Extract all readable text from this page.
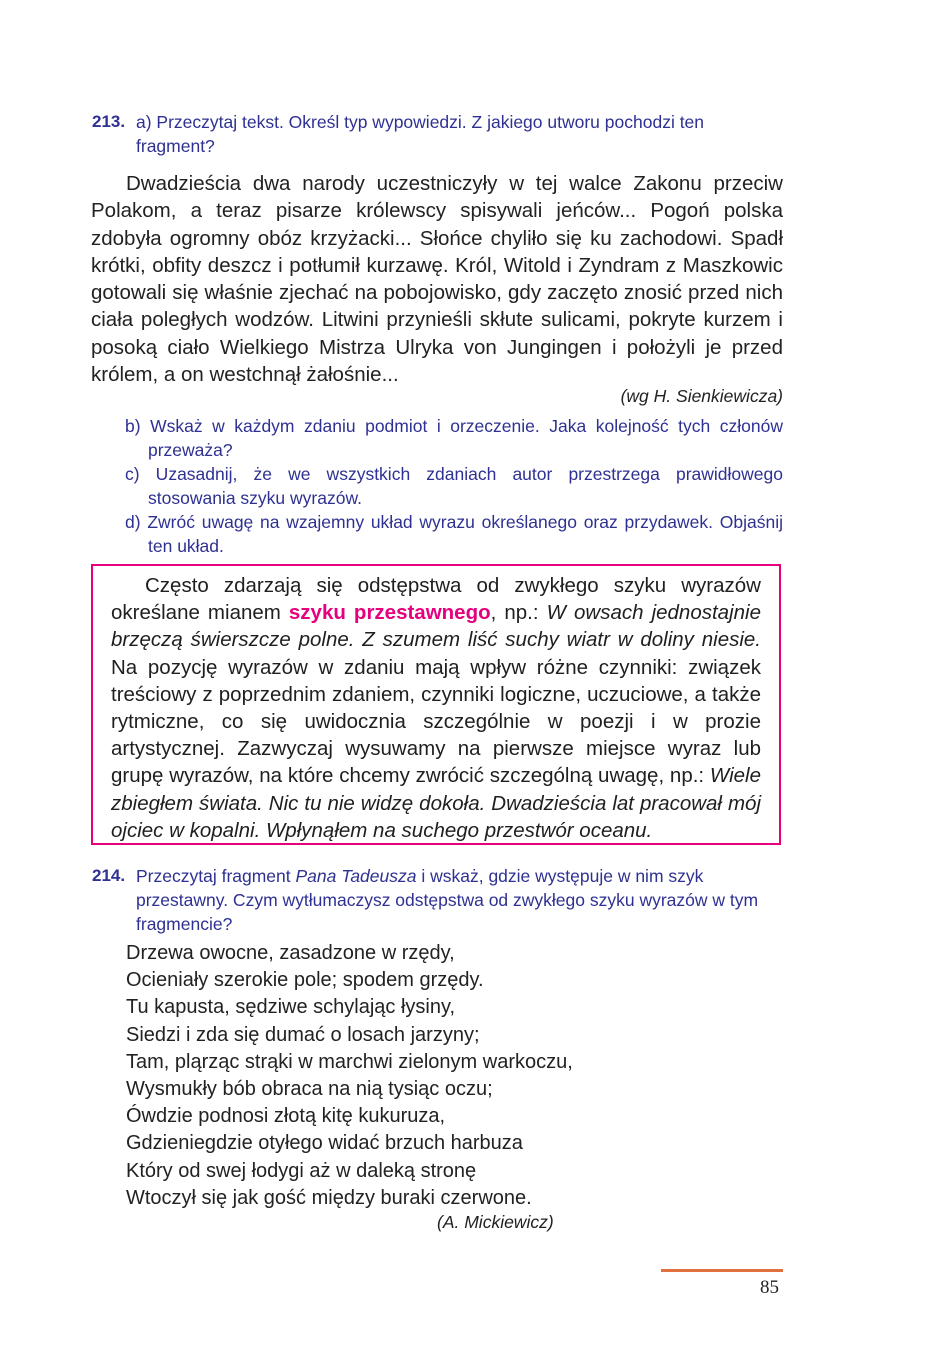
213. a) Przeczytaj tekst. Określ typ wypowiedzi. Z jakiego utworu pochodzi ten fragment?

Dwadzieścia dwa narody uczestniczyły w tej walce Zakonu przeciw Polakom, a teraz pisarze królewscy spisywali jeńców... Pogoń polska zdobyła ogromny obóz krzyżacki... Słońce chyliło się ku zachodowi. Spadł krótki, obfity deszcz i potłumił kurzawę. Król, Witold i Zyndram z Maszkowic gotowali się właśnie zjechać na pobojowisko, gdy zaczęto znosić przed nich ciała poległych wodzów. Litwini przynieśli skłute sulicami, pokryte kurzem i posoką ciało Wielkiego Mistrza Ulryka von Jungingen i położyli je przed królem, a on westchnął żałośnie...

(wg H. Sienkiewicza)
b) Wskaż w każdym zdaniu podmiot i orzeczenie. Jaka kolejność tych członów przeważa?
c) Uzasadnij, że we wszystkich zdaniach autor przestrzega prawidłowego stosowania szyku wyrazów.
d) Zwróć uwagę na wzajemny układ wyrazu określanego oraz przydawek. Objaśnij ten układ.

Często zdarzają się odstępstwa od zwykłego szyku wyrazów określane mianem szyku przestawnego, np.: W owsach jednostajnie brzęczą świerszcze polne. Z szumem liść suchy wiatr w doliny niesie. Na pozycję wyrazów w zdaniu mają wpływ różne czynniki: związek treściowy z poprzednim zdaniem, czynniki logiczne, uczuciowe, a także rytmiczne, co się uwidocznia szczególnie w poezji i w prozie artystycznej. Zazwyczaj wysuwamy na pierwsze miejsce wyraz lub grupę wyrazów, na które chcemy zwrócić szczególną uwagę, np.: Wiele zbiegłem świata. Nic tu nie widzę dokoła. Dwadzieścia lat pracował mój ojciec w kopalni. Wpłynąłem na suchego przestwór oceanu.

214. Przeczytaj fragment Pana Tadeusza i wskaż, gdzie występuje w nim szyk przestawny. Czym wytłumaczysz odstępstwa od zwykłego szyku wyrazów w tym fragmencie?
Drzewa owocne, zasadzone w rzędy,
Ocieniały szerokie pole; spodem grzędy.
Tu kapusta, sędziwe schylając łysiny,
Siedzi i zda się dumać o losach jarzyny;
Tam, pląrząc strąki w marchwi zielonym warkoczu,
Wysmukły bób obraca na nią tysiąc oczu;
Ówdzie podnosi złotą kitę kukuruza,
Gdzieniegdzie otyłego widać brzuch harbuza
Który od swej łodygi aż w daleką stronę
Wtoczył się jak gość między buraki czerwone.
(A. Mickiewicz)
85
